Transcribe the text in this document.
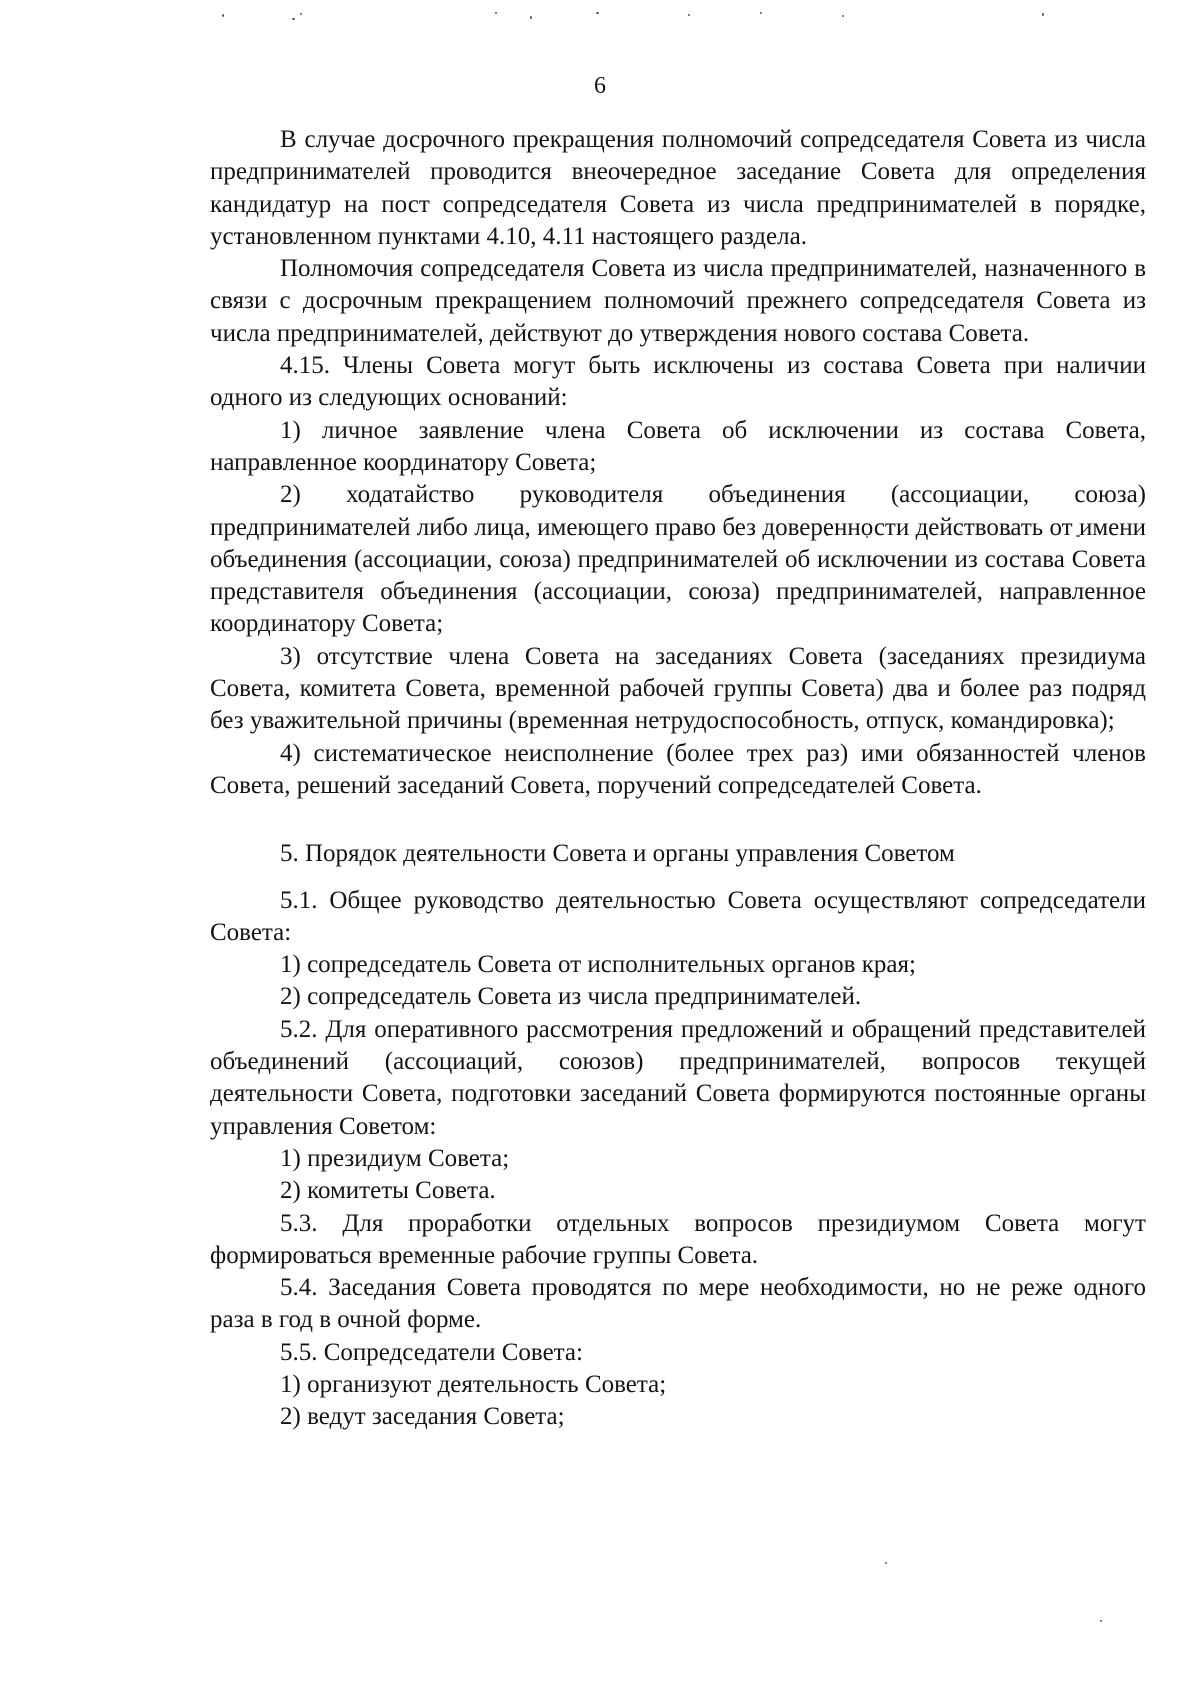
6

В случае досрочного прекращения полномочий сопредседателя Совета из числа предпринимателей проводится внеочередное заседание Совета для определения кандидатур на пост сопредседателя Совета из числа предпринимателей в порядке, установленном пунктами 4.10, 4.11 настоящего раздела.

Полномочия сопредседателя Совета из числа предпринимателей, назначенного в связи с досрочным прекращением полномочий прежнего сопредседателя Совета из числа предпринимателей, действуют до утверждения нового состава Совета.

4.15. Члены Совета могут быть исключены из состава Совета при наличии одного из следующих оснований:

1) личное заявление члена Совета об исключении из состава Совета, направленное координатору Совета;

2) ходатайство руководителя объединения (ассоциации, союза) предпринимателей либо лица, имеющего право без доверенности действовать от имени объединения (ассоциации, союза) предпринимателей об исключении из состава Совета представителя объединения (ассоциации, союза) предпринимателей, направленное координатору Совета;

3) отсутствие члена Совета на заседаниях Совета (заседаниях президиума Совета, комитета Совета, временной рабочей группы Совета) два и более раз подряд без уважительной причины (временная нетрудоспособность, отпуск, командировка);

4) систематическое неисполнение (более трех раз) ими обязанностей членов Совета, решений заседаний Совета, поручений сопредседателей Совета.

5. Порядок деятельности Совета и органы управления Советом

5.1. Общее руководство деятельностью Совета осуществляют сопредседатели Совета:

1) сопредседатель Совета от исполнительных органов края;

2) сопредседатель Совета из числа предпринимателей.

5.2. Для оперативного рассмотрения предложений и обращений представителей объединений (ассоциаций, союзов) предпринимателей, вопросов текущей деятельности Совета, подготовки заседаний Совета формируются постоянные органы управления Советом:

1) президиум Совета;

2) комитеты Совета.

5.3. Для проработки отдельных вопросов президиумом Совета могут формироваться временные рабочие группы Совета.

5.4. Заседания Совета проводятся по мере необходимости, но не реже одного раза в год в очной форме.

5.5. Сопредседатели Совета:

1) организуют деятельность Совета;

2) ведут заседания Совета;
